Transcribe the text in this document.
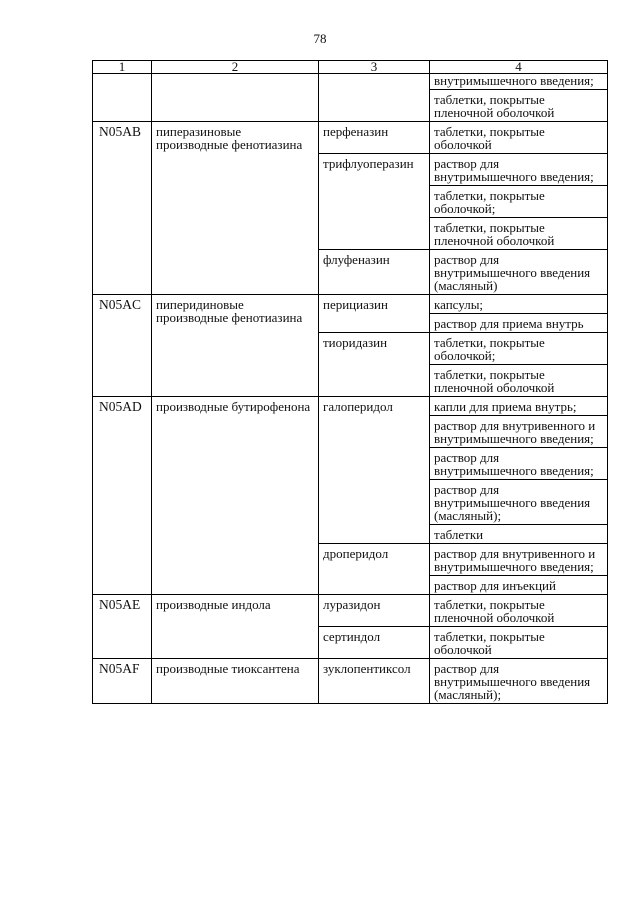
78
1	2	3	4

			внутримышечного введения;
таблетки, покрытые пленочной оболочкой

N05AB	пиперазиновые производные фенотиазина	перфеназин	таблетки, покрытые оболочкой

		трифлуоперазин	раствор для внутримышечного введения;
таблетки, покрытые оболочкой;
таблетки, покрытые пленочной оболочкой

		флуфеназин	раствор для внутримышечного введения (масляный)

N05AC	пиперидиновые производные фенотиазина	перициазин	капсулы;
раствор для приема внутрь

		тиоридазин	таблетки, покрытые оболочкой;
таблетки, покрытые пленочной оболочкой

N05AD	производные бутирофенона	галоперидол	капли для приема внутрь;
раствор для внутривенного и внутримышечного введения;
раствор для внутримышечного введения;
раствор для внутримышечного введения (масляный);
таблетки

		дроперидол	раствор для внутривенного и внутримышечного введения;
раствор для инъекций

N05AE	производные индола	луразидон	таблетки, покрытые пленочной оболочкой

		сертиндол	таблетки, покрытые оболочкой

N05AF	производные тиоксантена	зуклопентиксол	раствор для внутримышечного введения (масляный);
